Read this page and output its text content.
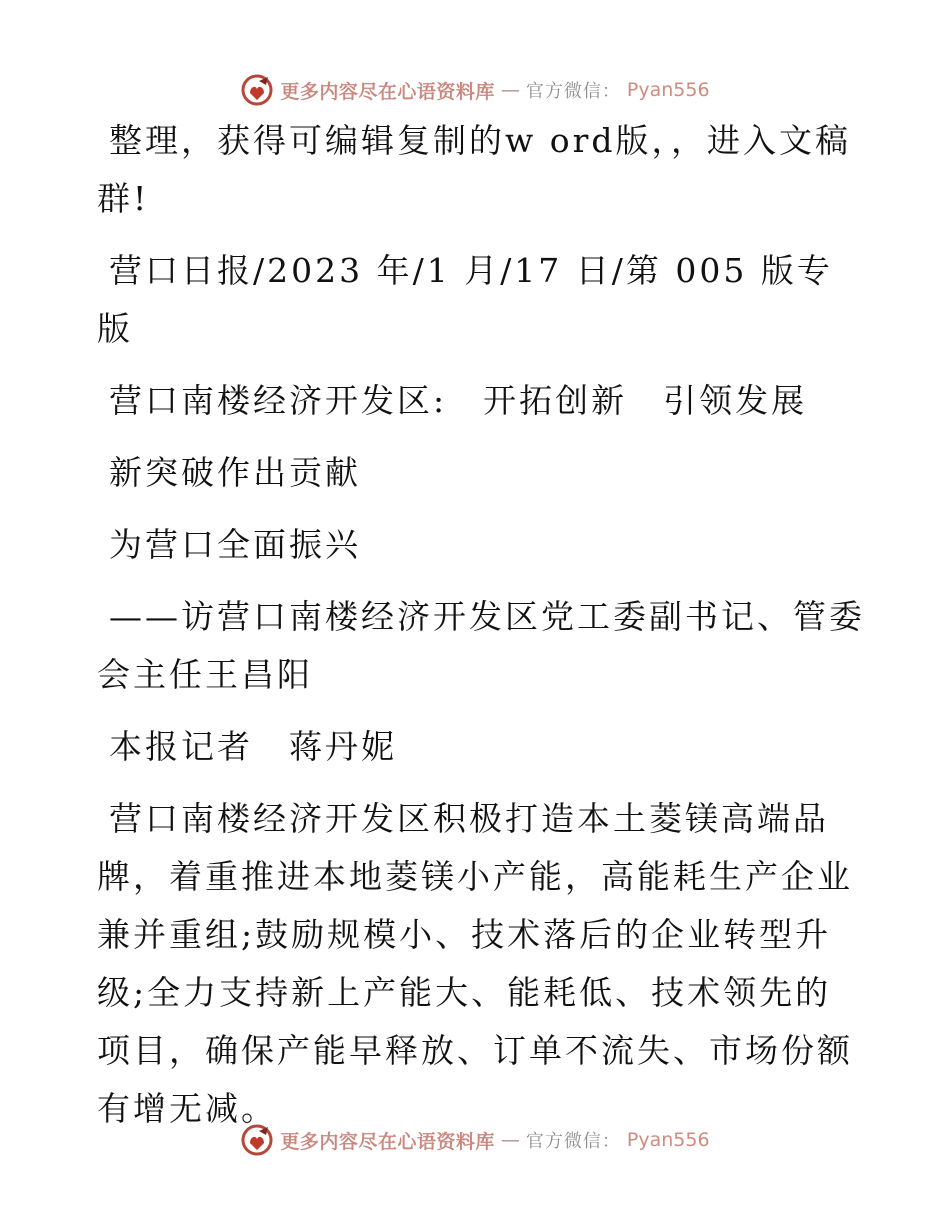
更多内容尽在心语资料库 — 官方微信： Pyan556

整理，获得可编辑复制的w ord版，，进入文稿群!

营口日报/2023 年/1 月/17 日/第 005 版专版

营口南楼经济开发区:　开拓创新　引领发展

新突破作出贡献

为营口全面振兴

——访营口南楼经济开发区党工委副书记、管委会主任王昌阳

本报记者　蒋丹妮

营口南楼经济开发区积极打造本土菱镁高端品牌，着重推进本地菱镁小产能，高能耗生产企业兼并重组;鼓励规模小、技术落后的企业转型升级;全力支持新上产能大、能耗低、技术领先的项目，确保产能早释放、订单不流失、市场份额有增无减。

更多内容尽在心语资料库 — 官方微信： Pyan556
